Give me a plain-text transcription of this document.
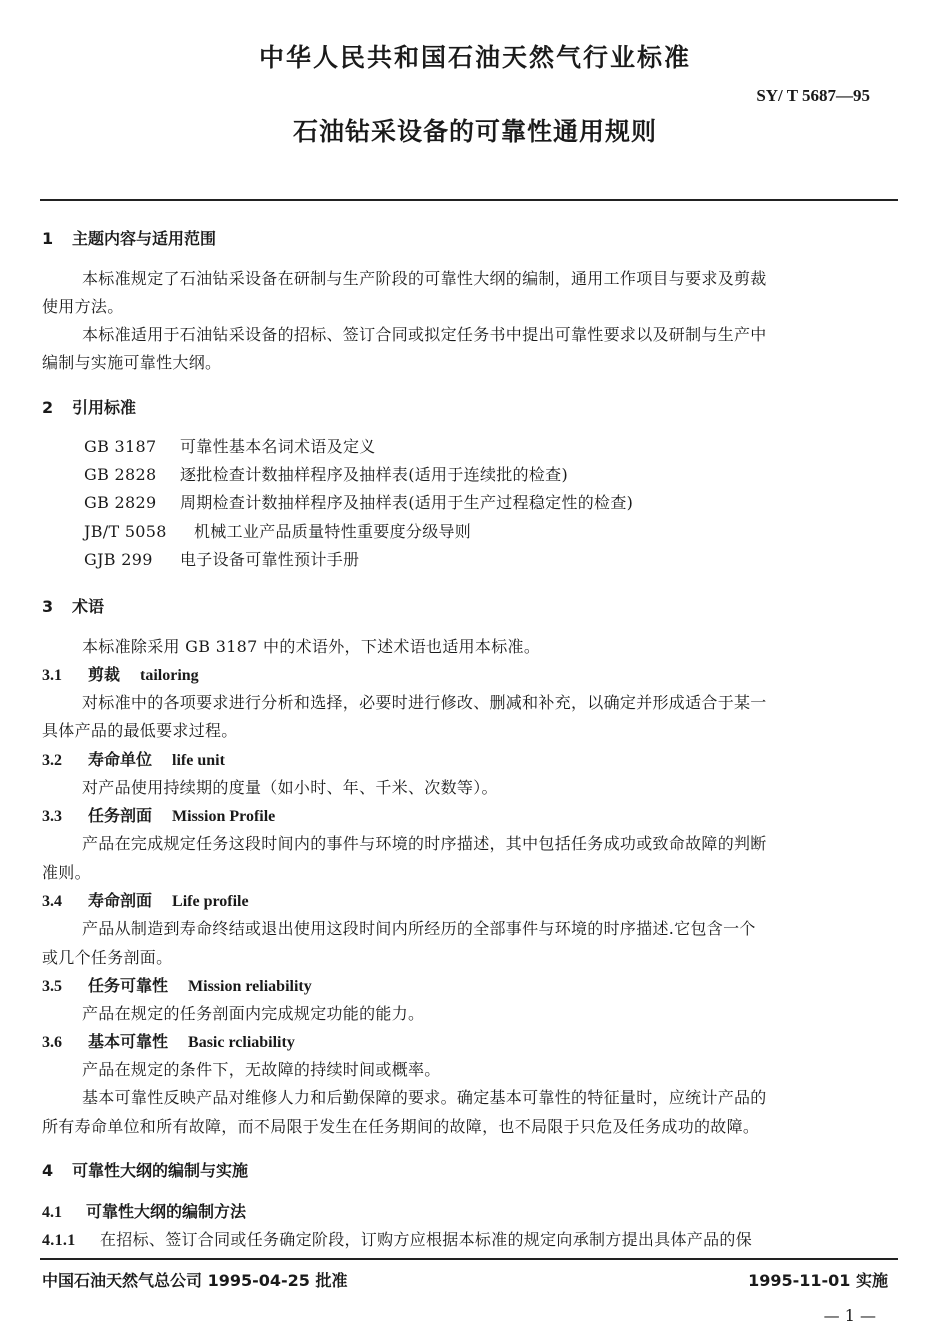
中华人民共和国石油天然气行业标准
SY/ T 5687—95
石油钻采设备的可靠性通用规则
1 主题内容与适用范围
本标准规定了石油钻采设备在研制与生产阶段的可靠性大纲的编制，通用工作项目与要求及剪裁
使用方法。
本标准适用于石油钻采设备的招标、签订合同或拟定任务书中提出可靠性要求以及研制与生产中
编制与实施可靠性大纲。
2 引用标准
GB 3187 可靠性基本名词术语及定义
GB 2828 逐批检查计数抽样程序及抽样表(适用于连续批的检查)
GB 2829 周期检查计数抽样程序及抽样表(适用于生产过程稳定性的检查)
JB/T 5058 机械工业产品质量特性重要度分级导则
GJB 299 电子设备可靠性预计手册
3 术语
本标准除采用 GB 3187 中的术语外，下述术语也适用本标准。
3.1 剪裁 tailoring
对标准中的各项要求进行分析和选择，必要时进行修改、删减和补充，以确定并形成适合于某一
具体产品的最低要求过程。
3.2 寿命单位 life unit
对产品使用持续期的度量（如小时、年、千米、次数等）。
3.3 任务剖面 Mission Profile
产品在完成规定任务这段时间内的事件与环境的时序描述，其中包括任务成功或致命故障的判断
准则。
3.4 寿命剖面 Life profile
产品从制造到寿命终结或退出使用这段时间内所经历的全部事件与环境的时序描述.它包含一个
或几个任务剖面。
3.5 任务可靠性 Mission reliability
产品在规定的任务剖面内完成规定功能的能力。
3.6 基本可靠性 Basic rcliability
产品在规定的条件下，无故障的持续时间或概率。
基本可靠性反映产品对维修人力和后勤保障的要求。确定基本可靠性的特征量时，应统计产品的
所有寿命单位和所有故障，而不局限于发生在任务期间的故障，也不局限于只危及任务成功的故障。
4 可靠性大纲的编制与实施
4.1 可靠性大纲的编制方法
4.1.1 在招标、签订合同或任务确定阶段，订购方应根据本标准的规定向承制方提出具体产品的保
中国石油天然气总公司 1995-04-25 批准	1995-11-01 实施
— 1 —
